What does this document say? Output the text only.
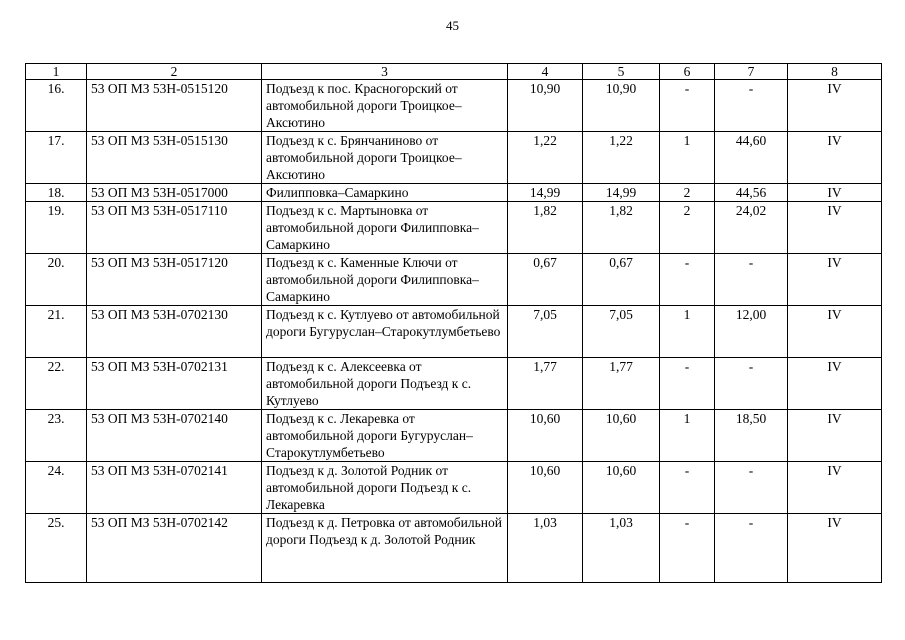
45
1	2	3	4	5	6	7	8
16.	53 ОП МЗ 53Н-0515120	Подъезд к пос. Красногорский от автомобильной дороги Троицкое–Аксютино	10,90	10,90	-	-	IV
17.	53 ОП МЗ 53Н-0515130	Подъезд к с. Брянчаниново от автомобильной дороги Троицкое–Аксютино	1,22	1,22	1	44,60	IV
18.	53 ОП МЗ 53Н-0517000	Филипповка–Самаркино	14,99	14,99	2	44,56	IV
19.	53 ОП МЗ 53Н-0517110	Подъезд к с. Мартыновка от автомобильной дороги Филипповка–Самаркино	1,82	1,82	2	24,02	IV
20.	53 ОП МЗ 53Н-0517120	Подъезд к с. Каменные Ключи от автомобильной дороги Филипповка–Самаркино	0,67	0,67	-	-	IV
21.	53 ОП МЗ 53Н-0702130	Подъезд к с. Кутлуево от автомобильной дороги Бугуруслан–Старокутлумбетьево	7,05	7,05	1	12,00	IV
22.	53 ОП МЗ 53Н-0702131	Подъезд к с. Алексеевка от автомобильной дороги Подъезд к с. Кутлуево	1,77	1,77	-	-	IV
23.	53 ОП МЗ 53Н-0702140	Подъезд к с. Лекаревка от автомобильной дороги Бугуруслан–Старокутлумбетьево	10,60	10,60	1	18,50	IV
24.	53 ОП МЗ 53Н-0702141	Подъезд к д. Золотой Родник от автомобильной дороги Подъезд к с. Лекаревка	10,60	10,60	-	-	IV
25.	53 ОП МЗ 53Н-0702142	Подъезд к д. Петровка от автомобильной дороги Подъезд к д. Золотой Родник	1,03	1,03	-	-	IV
